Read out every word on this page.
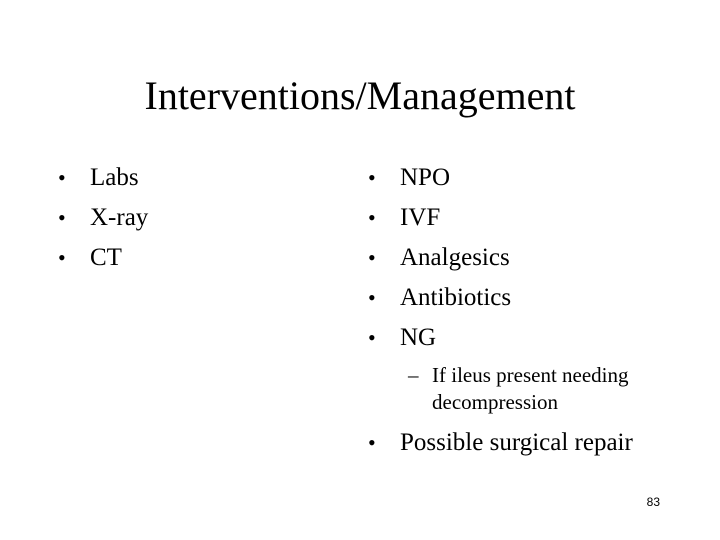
Interventions/Management
• Labs
• X-ray
• CT
• NPO
• IVF
• Analgesics
• Antibiotics
• NG
– If ileus present needing decompression
• Possible surgical repair
83
